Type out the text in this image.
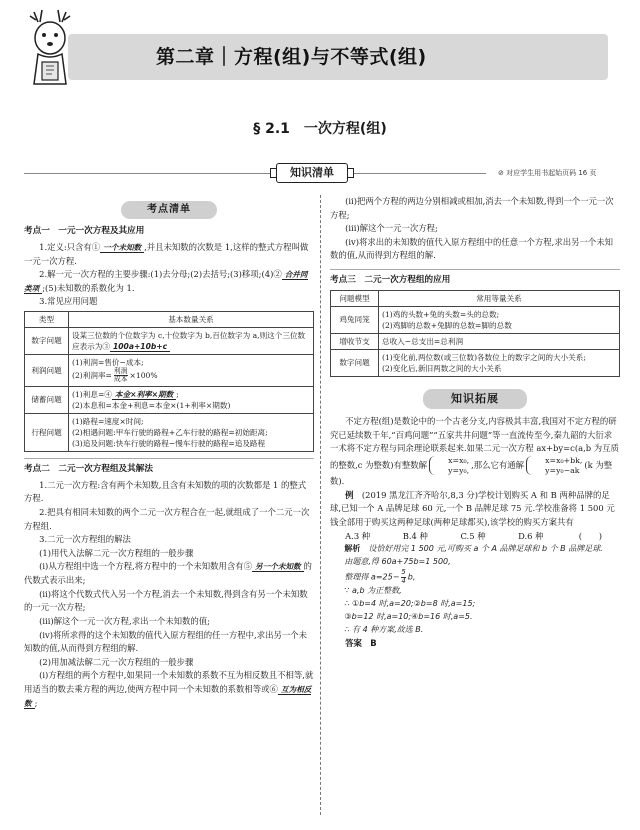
第二章｜方程(组)与不等式(组)
§ 2.1　一次方程(组)
知识清单	⊘ 对应学生用书起始页码 16 页
考点清单
考点一　一元一次方程及其应用

1.定义:只含有① 一个未知数 ,并且未知数的次数是 1,这样的整式方程叫做一元一次方程.

2.解一元一次方程的主要步骤:(1)去分母;(2)去括号;(3)移项;(4)② 合并同类项 ;(5)未知数的系数化为 1.

3.常见应用问题

类型	基本数量关系
数字问题	设某三位数的个位数字为 c,十位数字为 b,百位数字为 a,则这个三位数应表示为③ 100a+10b+c
利润问题	(1)利润=售价−成本;
(2)利润率= $\frac{\text{利润}}{\text{成本}} \times 100\%$

储蓄问题	(1)利息=④ 本金×利率×期数 ;
(2)本息和=本金+利息=本金×(1+利率×期数)

行程问题	(1)路程=速度×时间;
(2)相遇问题:甲车行驶的路程+乙车行驶的路程=初始距离;
(3)追及问题:快车行驶的路程−慢车行驶的路程=追及路程
考点二　二元一次方程组及其解法

1.二元一次方程:含有两个未知数,且含有未知数的项的次数都是 1 的整式方程.

2.把具有相同未知数的两个二元一次方程合在一起,就组成了一个二元一次方程组.

3.二元一次方程组的解法

(1)用代入法解二元一次方程组的一般步骤

(i)从方程组中选一个方程,将方程中的一个未知数用含有⑤ 另一个未知数 的代数式表示出来;

(ii)将这个代数式代入另一个方程,消去一个未知数,得到含有另一个未知数的一元一次方程;

(iii)解这个一元一次方程,求出一个未知数的值;

(iv)将所求得的这个未知数的值代入原方程组的任一方程中,求出另一个未知数的值,从而得到方程组的解.

(2)用加减法解二元一次方程组的一般步骤

(i)方程组的两个方程中,如果同一个未知数的系数不互为相反数且不相等,就用适当的数去乘方程的两边,使两方程中同一个未知数的系数相等或⑥ 互为相反数 ;

(ii)把两个方程的两边分别相减或相加,消去一个未知数,得到一个一元一次方程;

(iii)解这个一元一次方程;

(iv)将求出的未知数的值代入原方程组中的任意一个方程,求出另一个未知数的值,从而得到方程组的解.

考点三　二元一次方程组的应用
问题模型	常用等量关系
鸡兔同笼	(1)鸡的头数+兔的头数=头的总数;
(2)鸡脚的总数+兔脚的总数=脚的总数

增收节支	总收入−总支出=总利润
数字问题	(1)变化前,两位数(或三位数)各数位上的数字之间的大小关系;
(2)变化后,新旧两数之间的大小关系
知识拓展

不定方程(组)是数论中的一个古老分支,内容极其丰富,我国对不定方程的研究已延续数千年,“百鸡问题”“五家共井问题”等一直流传至今,秦九韶的大衍求一术将不定方程与同余理论联系起来.如果二元一次方程 ax+by=c(a,b 为互质的整数,c 为整数)有整数解	x=x₀,
y=y₀, ,那么它有通解	x=x₀+bk,
y=y₀−ak (k 为整数).

例　 (2019 黑龙江齐齐哈尔,8,3 分)学校计划购买 A 和 B 两种品牌的足球,已知一个 A 品牌足球 60 元,一个 B 品牌足球 75 元.学校准备将 1 500 元钱全部用于购买这两种足球(两种足球都买),该学校的购买方案共有
(　　)

A.3 种	B.4 种	C.5 种	D.6 种

解析　 设恰好用完 1 500 元,可购买 a 个 A 品牌足球和 b 个 B 品牌足球.

由题意,得 60a+75b=1 500,
整理得 $a=25- \frac{5}{4} b$,
∵ a,b 为正整数,
∴ ①b=4 时,a=20;②b=8 时,a=15;
③b=12 时,a=10;④b=16 时,a=5.
∴ 有 4 种方案,故选 B.
答案　 B
